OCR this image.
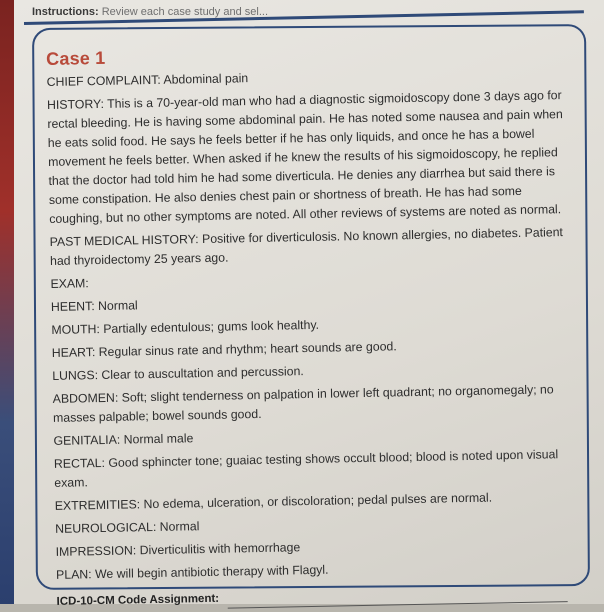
Instructions: Review each case study and sel...
Case 1
CHIEF COMPLAINT: Abdominal pain
HISTORY: This is a 70-year-old man who had a diagnostic sigmoidoscopy done 3 days ago for rectal bleeding. He is having some abdominal pain. He has noted some nausea and pain when he eats solid food. He says he feels better if he has only liquids, and once he has a bowel movement he feels better. When asked if he knew the results of his sigmoidoscopy, he replied that the doctor had told him he had some diverticula. He denies any diarrhea but said there is some constipation. He also denies chest pain or shortness of breath. He has had some coughing, but no other symptoms are noted. All other reviews of systems are noted as normal.
PAST MEDICAL HISTORY: Positive for diverticulosis. No known allergies, no diabetes. Patient had thyroidectomy 25 years ago.
EXAM:
HEENT: Normal
MOUTH: Partially edentulous; gums look healthy.
HEART: Regular sinus rate and rhythm; heart sounds are good.
LUNGS: Clear to auscultation and percussion.
ABDOMEN: Soft; slight tenderness on palpation in lower left quadrant; no organomegaly; no masses palpable; bowel sounds good.
GENITALIA: Normal male
RECTAL: Good sphincter tone; guaiac testing shows occult blood; blood is noted upon visual exam.
EXTREMITIES: No edema, ulceration, or discoloration; pedal pulses are normal.
NEUROLOGICAL: Normal
IMPRESSION: Diverticulitis with hemorrhage
PLAN: We will begin antibiotic therapy with Flagyl.
ICD-10-CM Code Assignment:
